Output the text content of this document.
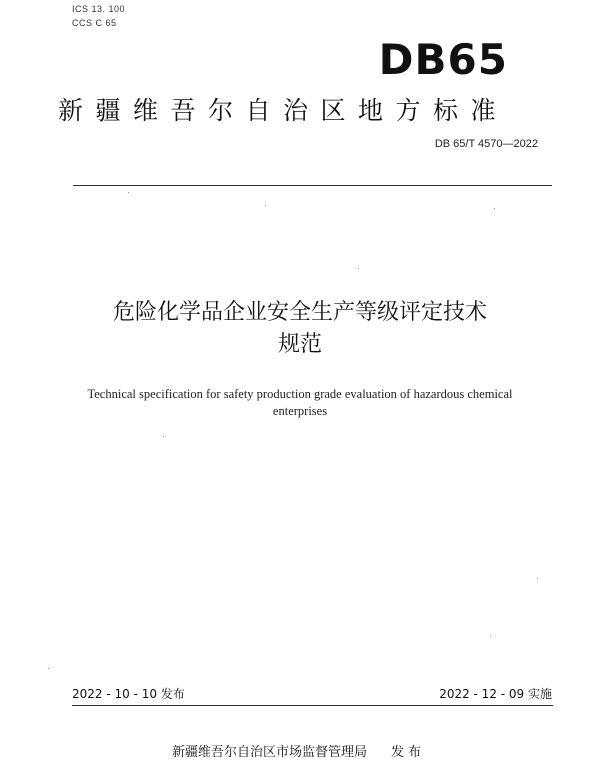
ICS 13. 100
CCS C 65
DB65
新疆维吾尔自治区地方标准
DB 65/T 4570—2022
危险化学品企业安全生产等级评定技术
规范
Technical specification for safety production grade evaluation of hazardous chemical
enterprises
2022 - 10 - 10 发布	2022 - 12 - 09 实施
新疆维吾尔自治区市场监督管理局 发 布
